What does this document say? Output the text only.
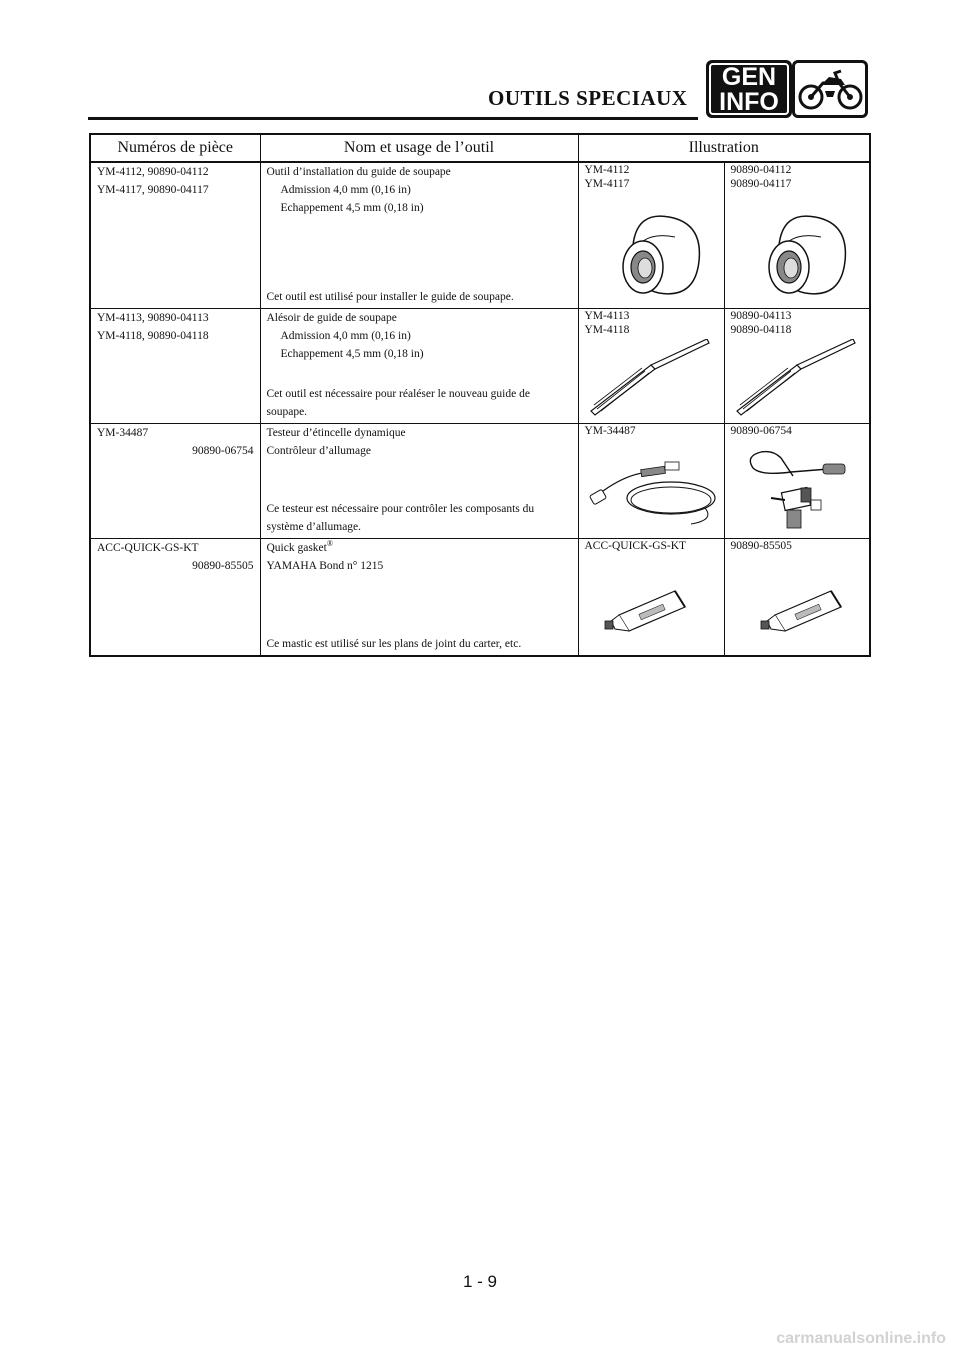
OUTILS SPECIAUX
GEN
INFO
Numéros de pièce	Nom et usage de l’outil	Illustration	

YM-4112, 90890-04112
YM-4117, 90890-04117	Outil d’installation du guide de soupape
Admission 4,0 mm (0,16 in)
Echappement 4,5 mm (0,18 in)
Cet outil est utilisé pour installer le guide de soupape.	YM-4112
YM-4117	90890-04112
90890-04117

YM-4113, 90890-04113
YM-4118, 90890-04118	Alésoir de guide de soupape
Admission 4,0 mm (0,16 in)
Echappement 4,5 mm (0,18 in)
Cet outil est nécessaire pour réaléser le nouveau guide de soupape.	YM-4113
YM-4118	90890-04113
90890-04118

YM-34487
90890-06754	Testeur d’étincelle dynamique
Contrôleur d’allumage
Ce testeur est nécessaire pour contrôler les composants du système d’allumage.	YM-34487	90890-06754

ACC-QUICK-GS-KT
90890-85505	Quick gasket®
YAMAHA Bond n° 1215
Ce mastic est utilisé sur les plans de joint du carter, etc.	ACC-QUICK-GS-KT	90890-85505
1 - 9
carmanualsonline.info
